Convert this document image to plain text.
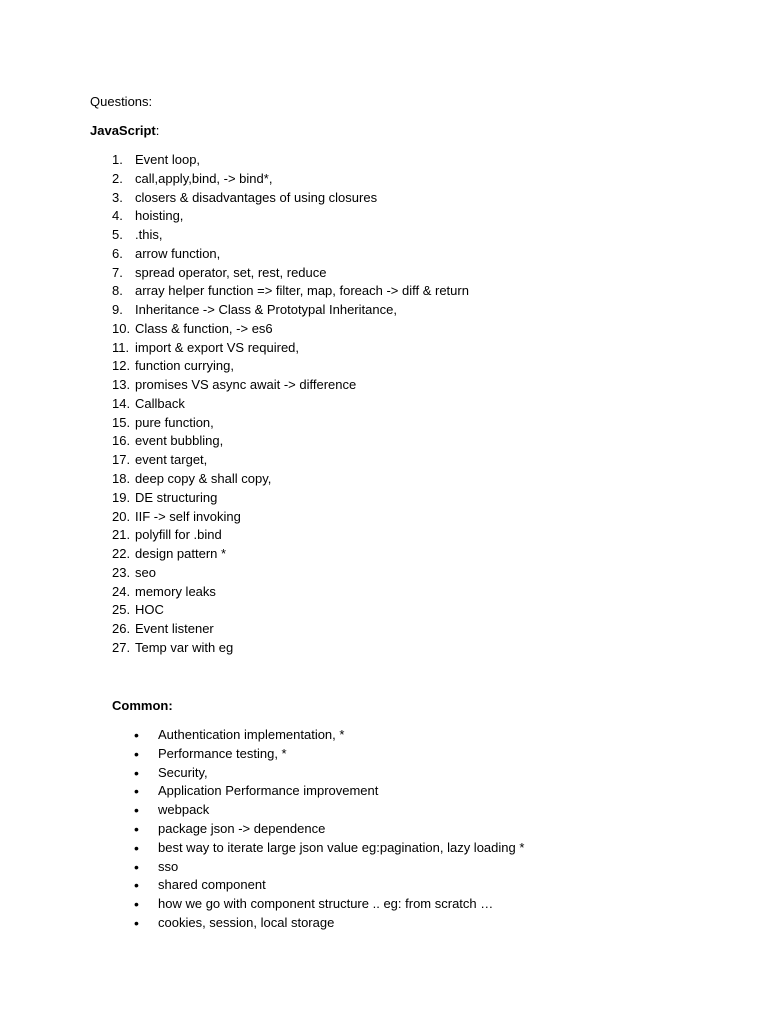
Questions:
JavaScript:
1. Event loop,
2. call,apply,bind, -> bind*,
3. closers & disadvantages of using closures
4. hoisting,
5. .this,
6. arrow function,
7. spread operator, set, rest, reduce
8. array helper function => filter, map, foreach -> diff & return
9. Inheritance -> Class & Prototypal Inheritance,
10. Class & function, -> es6
11. import & export VS required,
12. function currying,
13. promises VS async await -> difference
14. Callback
15. pure function,
16. event bubbling,
17. event target,
18. deep copy & shall copy,
19. DE structuring
20. IIF -> self invoking
21. polyfill for .bind
22. design pattern *
23. seo
24. memory leaks
25. HOC
26. Event listener
27. Temp var with eg
Common:
• Authentication implementation, *
• Performance testing, *
• Security,
• Application Performance improvement
• webpack
• package json -> dependence
• best way to iterate large json value eg:pagination, lazy loading *
• sso
• shared component
• how we go with component structure .. eg: from scratch …
• cookies, session, local storage
